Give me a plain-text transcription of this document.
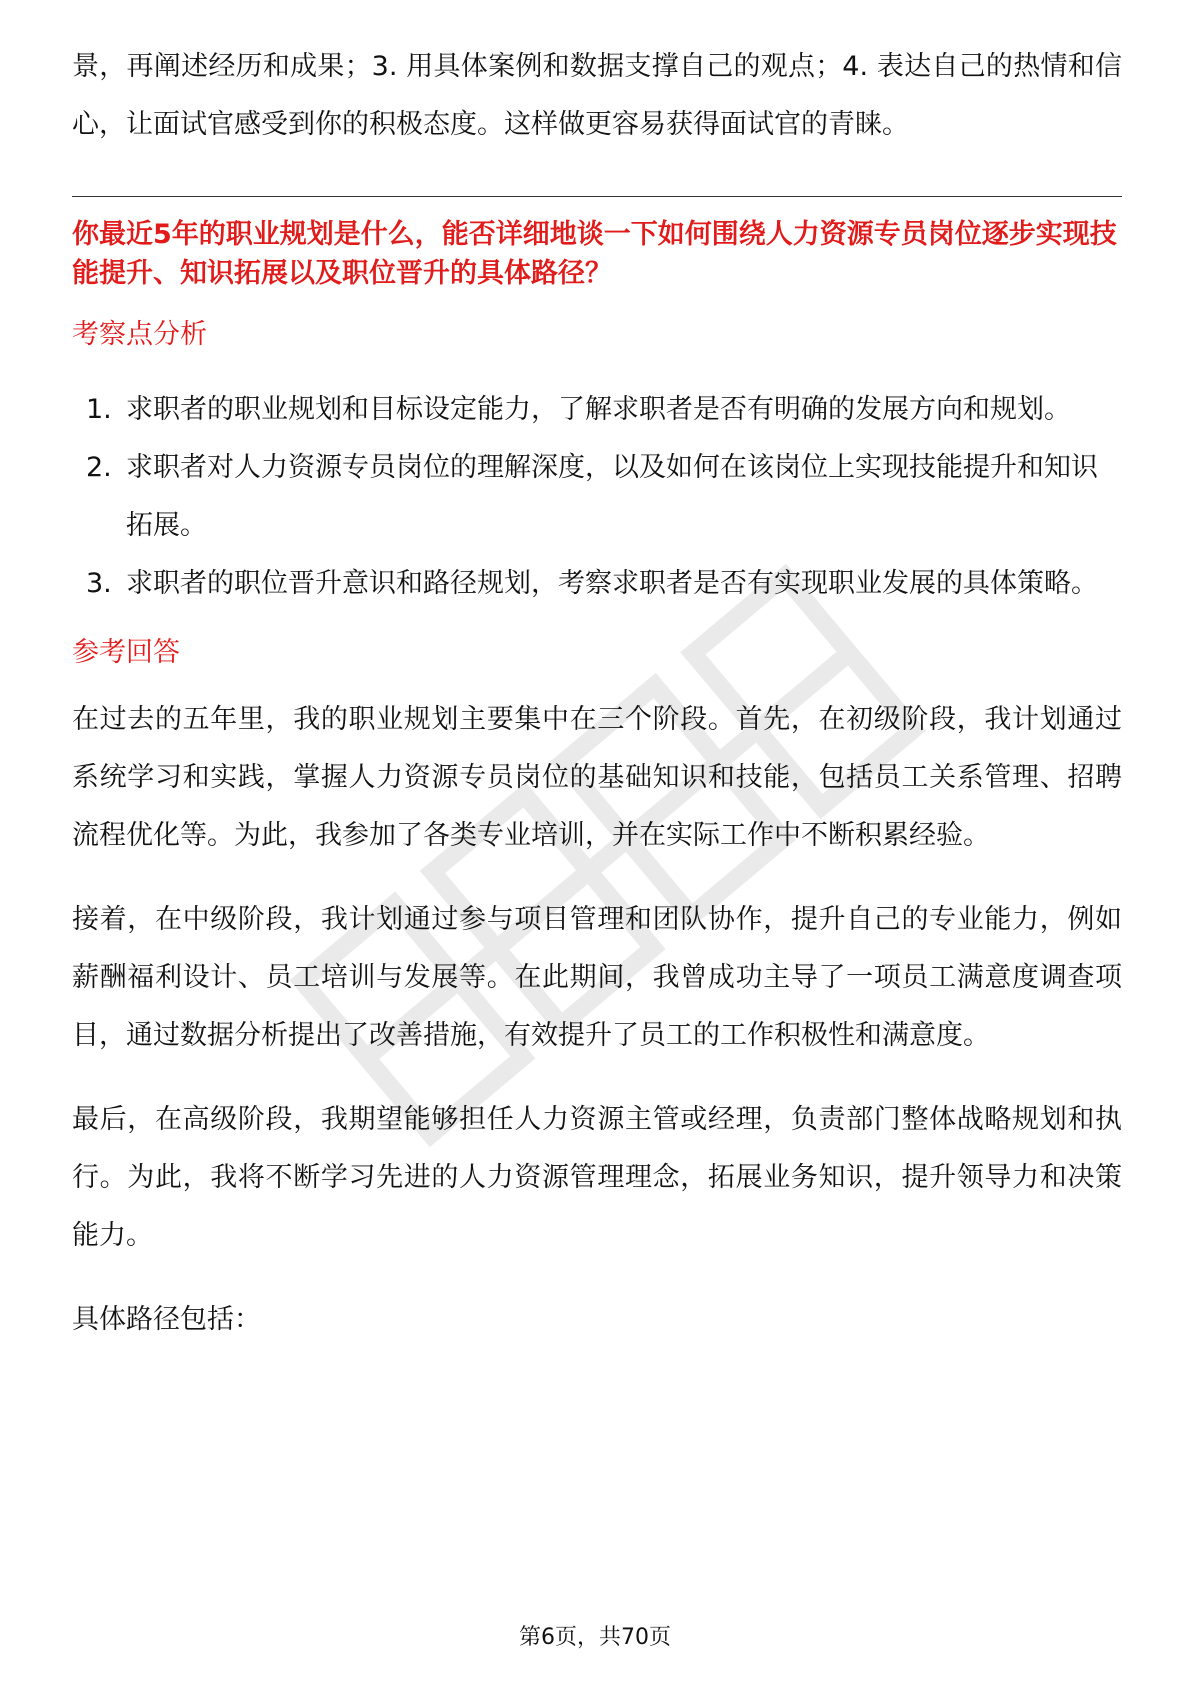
景，再阐述经历和成果；3. 用具体案例和数据支撑自己的观点；4. 表达自己的热情和信心，让面试官感受到你的积极态度。这样做更容易获得面试官的青睐。

你最近5年的职业规划是什么，能否详细地谈一下如何围绕人力资源专员岗位逐步实现技能提升、知识拓展以及职位晋升的具体路径？

考察点分析

1. 求职者的职业规划和目标设定能力，了解求职者是否有明确的发展方向和规划。
2. 求职者对人力资源专员岗位的理解深度，以及如何在该岗位上实现技能提升和知识拓展。
3. 求职者的职位晋升意识和路径规划，考察求职者是否有实现职业发展的具体策略。

参考回答

在过去的五年里，我的职业规划主要集中在三个阶段。首先，在初级阶段，我计划通过系统学习和实践，掌握人力资源专员岗位的基础知识和技能，包括员工关系管理、招聘流程优化等。为此，我参加了各类专业培训，并在实际工作中不断积累经验。

接着，在中级阶段，我计划通过参与项目管理和团队协作，提升自己的专业能力，例如薪酬福利设计、员工培训与发展等。在此期间，我曾成功主导了一项员工满意度调查项目，通过数据分析提出了改善措施，有效提升了员工的工作积极性和满意度。

最后，在高级阶段，我期望能够担任人力资源主管或经理，负责部门整体战略规划和执行。为此，我将不断学习先进的人力资源管理理念，拓展业务知识，提升领导力和决策能力。

具体路径包括：

第6页，共70页
